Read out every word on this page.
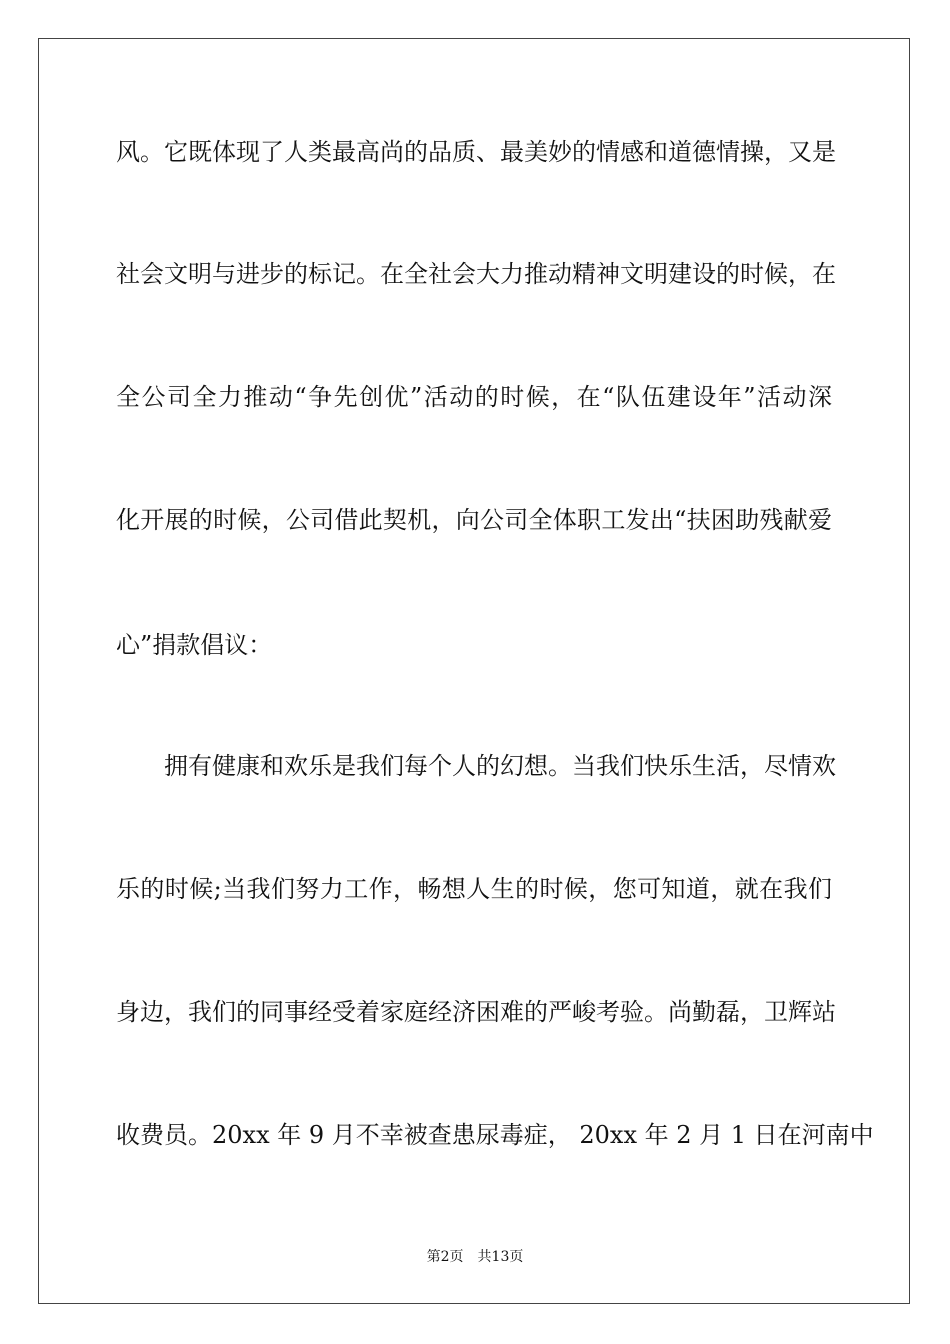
风。它既体现了人类最高尚的品质、最美妙的情感和道德情操，又是
社会文明与进步的标记。在全社会大力推动精神文明建设的时候，在
全公司全力推动“争先创优”活动的时候，在“队伍建设年”活动深
化开展的时候，公司借此契机，向公司全体职工发出“扶困助残献爱
心”捐款倡议：
拥有健康和欢乐是我们每个人的幻想。当我们快乐生活，尽情欢
乐的时候;当我们努力工作，畅想人生的时候，您可知道，就在我们
身边，我们的同事经受着家庭经济困难的严峻考验。尚勤磊，卫辉站
收费员。20xx 年 9 月不幸被查患尿毒症， 20xx 年 2 月 1 日在河南中
第2页 共13页
